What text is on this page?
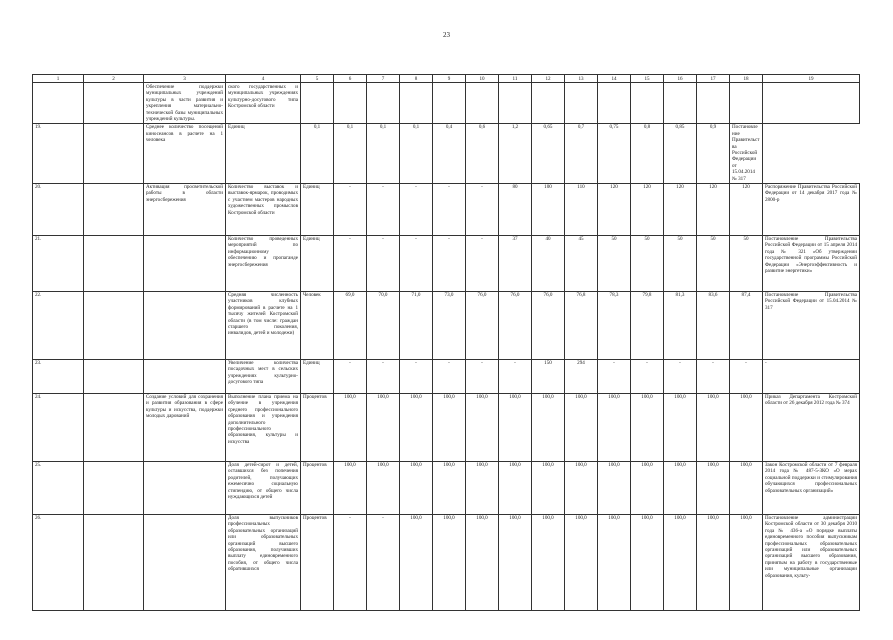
23
1	2	3	4	5	6	7	8	9	10	11	12	13	14	15	16	17	18	19

		Обеспечение поддержки муниципальных учреждений культуры в части развития и укрепления материально-технической базы муниципальных учреждений культуры.	ского государственных и муниципальных учреждениях культурно-досугового типа Костромской области															

19.		Среднее количество посещений киносеансов в расчете на 1 человека	Единиц	0,1	0,1	0,1	0,1	0,4	0,6	1,2	0,65	0,7	0,75	0,8	0,85	0,9	Постановление Правительства Российской Федерации от 15.04.2014 № 317	

20.		Активация просветительской работы в области энергосбережения	Количество выставок и выставок-ярмарок, проводимых с участием мастеров народных художественных промыслов Костромской области	Единиц	-	-	-	-	-	80	100	110	120	120	120	120	120	Распоряжение Правительства Российской Федерации от 14 декабря 2017 года № 2800-р

21.			Количество проведенных мероприятий по информационному обеспечению и пропаганде энергосбережения	Единиц	-	-	-	-	-	37	40	45	50	50	50	50	50	Постановление Правительства Российской Федерации от 15 апреля 2014 года № 321 «Об утверждении государственной программы Российской Федерации «Энергоэффективность и развитие энергетики»

22.			Средняя численность участников клубных формирований в расчете на 1 тысячу жителей Костромской области (в том числе: граждан старшего поколения, инвалидов, детей и молодежи)	Человек	69,0	70,0	71,0	73,0	76,0	76,0	76,0	76,8	78,3	79,8	81,3	83,6	87,4	Постановление Правительства Российской Федерации от 15.04.2014 № 317

23.			Увеличение количества посадочных мест в сельских учреждениях культурно-досугового типа	Единиц	-	-	-	-	-	-	150	294	-	-	-	-	-	-

24.		Создание условий для сохранения и развития образования в сфере культуры и искусства, поддержки молодых дарований	Выполнение плана приема на обучение в учреждения среднего профессионального образования и учреждения дополнительного профессионального образования, культуры и искусства	Процентов	100,0	100,0	100,0	100,0	100,0	100,0	100,0	100,0	100,0	100,0	100,0	100,0	100,0	Приказ Департамента Костромской области от 26 декабря 2012 года № 374

25.			Доля детей-сирот и детей, оставшихся без попечения родителей, получающих ежемесячно социальную стипендию, от общего числа нуждающихся детей	Процентов	100,0	100,0	100,0	100,0	100,0	100,0	100,0	100,0	100,0	100,0	100,0	100,0	100,0	Закон Костромской области от 7 февраля 2014 года № 487-5-ЗКО «О мерах социальной поддержки и стимулирования обучающихся профессиональных образовательных организаций»

26.			Доля выпускников профессиональных образовательных организаций или образовательных организаций высшего образования, получивших выплату единовременного пособия, от общего числа обратившихся	Процентов	-	-	100,0	100,0	100,0	100,0	100,0	100,0	100,0	100,0	100,0	100,0	100,0	Постановление администрации Костромской области от 30 декабря 2010 года № 436-а «О порядке выплаты единовременного пособия выпускникам профессиональных образовательных организаций или образовательных организаций высшего образования, принятым на работу в государственные или муниципальные организации образования, культу-
